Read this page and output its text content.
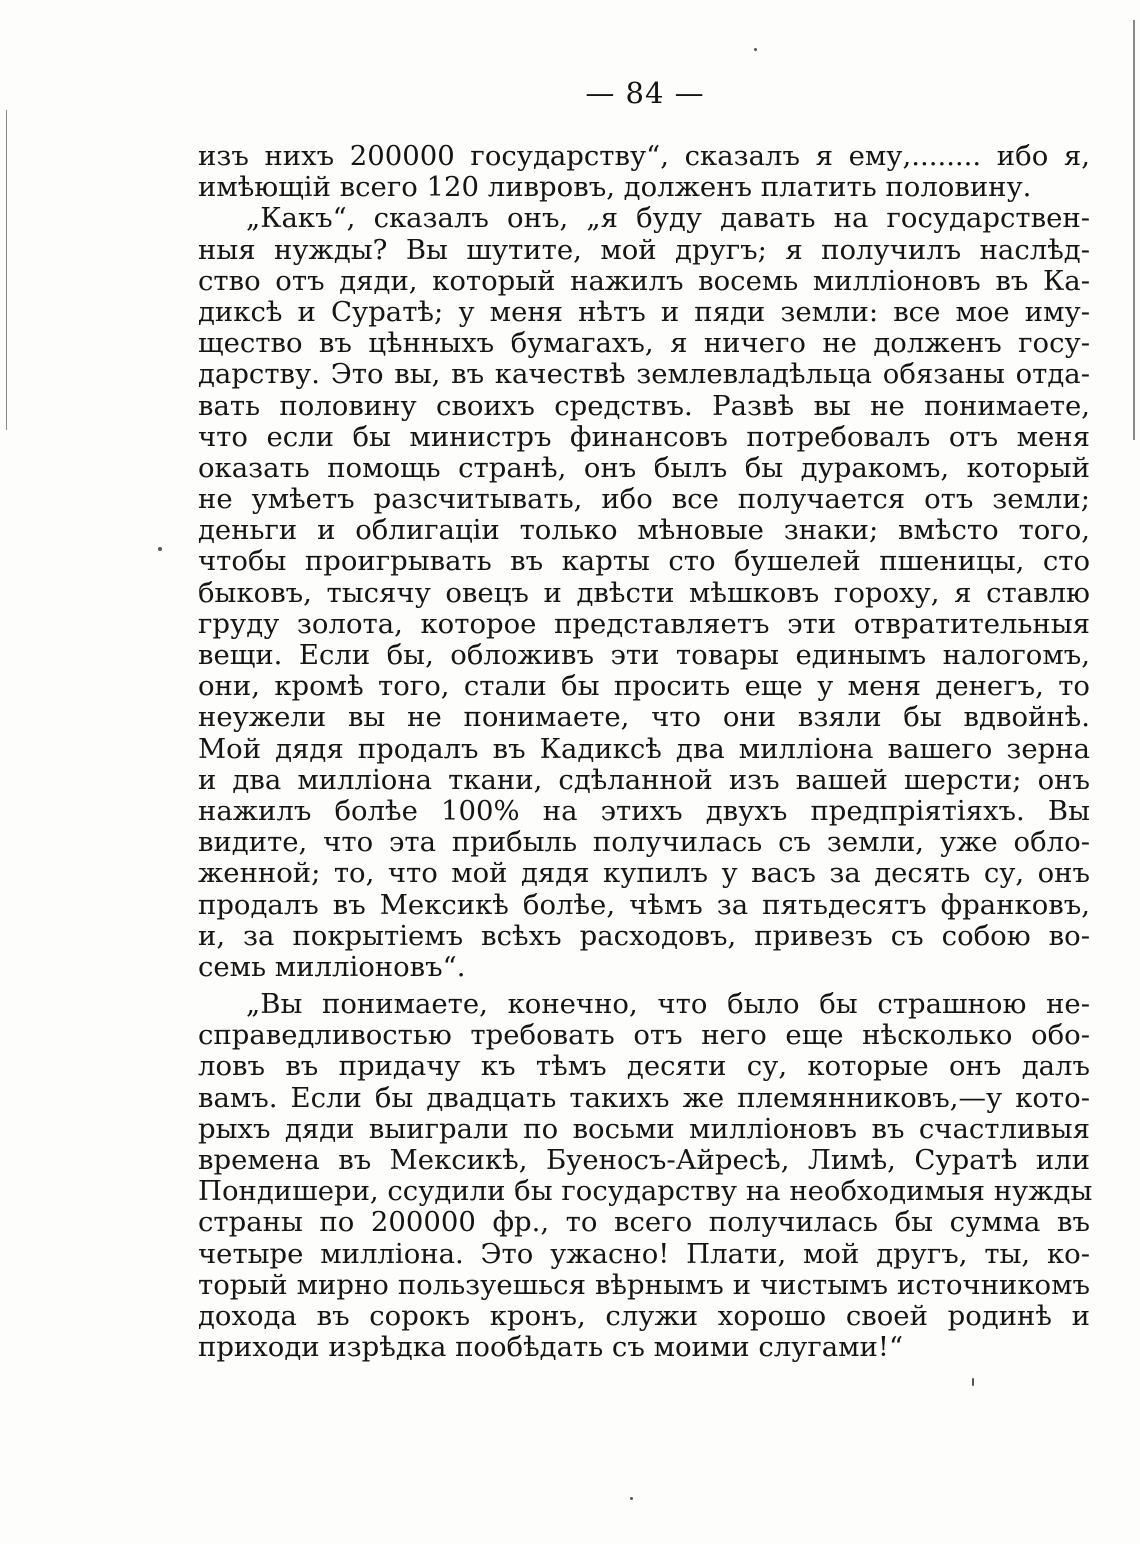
— 84 —
изъ нихъ 200000 государству“, сказалъ я ему,........ ибо я,
имѣющій всего 120 ливровъ, долженъ платить половину.
„Какъ“, сказалъ онъ, „я буду давать на государствен-
ныя нужды? Вы шутите, мой другъ; я получилъ наслѣд-
ство отъ дяди, который нажилъ восемь милліоновъ въ Ка-
диксѣ и Суратѣ; у меня нѣтъ и пяди земли: все мое иму-
щество въ цѣнныхъ бумагахъ, я ничего не долженъ госу-
дарству. Это вы, въ качествѣ землевладѣльца обязаны отда-
вать половину своихъ средствъ. Развѣ вы не понимаете,
что если бы министръ финансовъ потребовалъ отъ меня
оказать помощь странѣ, онъ былъ бы дуракомъ, который
не умѣетъ разсчитывать, ибо все получается отъ земли;
деньги и облигаціи только мѣновые знаки; вмѣсто того,
чтобы проигрывать въ карты сто бушелей пшеницы, сто
быковъ, тысячу овецъ и двѣсти мѣшковъ гороху, я ставлю
груду золота, которое представляетъ эти отвратительныя
вещи. Если бы, обложивъ эти товары единымъ налогомъ,
они, кромѣ того, стали бы просить еще у меня денегъ, то
неужели вы не понимаете, что они взяли бы вдвойнѣ.
Мой дядя продалъ въ Кадиксѣ два милліона вашего зерна
и два милліона ткани, сдѣланной изъ вашей шерсти; онъ
нажилъ болѣе 100% на этихъ двухъ предпріятіяхъ. Вы
видите, что эта прибыль получилась съ земли, уже обло-
женной; то, что мой дядя купилъ у васъ за десять су, онъ
продалъ въ Мексикѣ болѣе, чѣмъ за пятьдесятъ франковъ,
и, за покрытіемъ всѣхъ расходовъ, привезъ съ собою во-
семь милліоновъ“.
„Вы понимаете, конечно, что было бы страшною не-
справедливостью требовать отъ него еще нѣсколько обо-
ловъ въ придачу къ тѣмъ десяти су, которые онъ далъ
вамъ. Если бы двадцать такихъ же племянниковъ,—у кото-
рыхъ дяди выиграли по восьми милліоновъ въ счастливыя
времена въ Мексикѣ, Буеносъ-Айресѣ, Лимѣ, Суратѣ или
Пондишери, ссудили бы государству на необходимыя нужды
страны по 200000 фр., то всего получилась бы сумма въ
четыре милліона. Это ужасно! Плати, мой другъ, ты, ко-
торый мирно пользуешься вѣрнымъ и чистымъ источникомъ
дохода въ сорокъ кронъ, служи хорошо своей родинѣ и
приходи изрѣдка пообѣдать съ моими слугами!“
